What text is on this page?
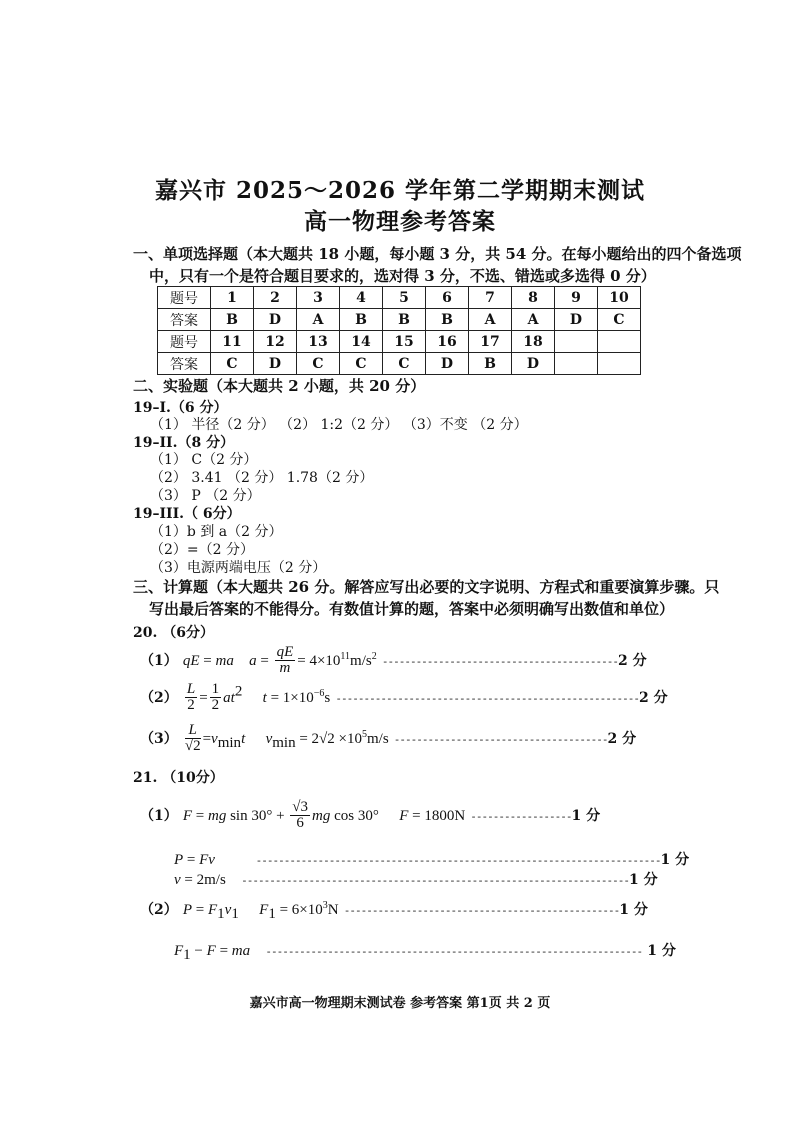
嘉兴市 2025～2026 学年第二学期期末测试
高一物理参考答案
一、单项选择题（本大题共 18 小题，每小题 3 分，共 54 分。在每小题给出的四个备选项
中，只有一个是符合题目要求的，选对得 3 分，不选、错选或多选得 0 分）
题号	1	2	3	4	5	6	7	8	9	10
答案	B	D	A	B	B	B	A	A	D	C
题号	11	12	13	14	15	16	17	18		
答案	C	D	C	C	C	D	B	D		
二、实验题（本大题共 2 小题，共 20 分）
19–I.（6 分）
（1） 半径（2 分） （2） 1:2（2 分） （3）不变 （2 分）
19–II.（8 分）
（1） C（2 分）
（2） 3.41 （2 分） 1.78（2 分）
（3） P （2 分）
19–III.（ 6分）
（1）b 到 a（2 分）
（2）=（2 分）
（3）电源两端电压（2 分）
三、计算题（本大题共 26 分。解答应写出必要的文字说明、方程式和重要演算步骤。只
写出最后答案的不能得分。有数值计算的题，答案中必须明确写出数值和单位）
20. （6分）
（1） qE = ma $a = \frac{qE}{m} = 4\times 10^{11}m/s^2$ ------------------------------------------2 分
$(2) \frac{L}{2} = \frac{1}{2} at^2$ $t = 1\times 10^{-6}s$ ------------------------------------------------------2 分
$(3) \frac{L}{√2} =v_{min}t$ $v_{min} = 2√2 \times 10^5m/s$ --------------------------------------2 分
21. （10分）
（1） F = mg $\sin 30^\circ + \frac{√3}{6}$ mg cos 30° F = 1800N ------------------1 分
P = Fv	------------------------------------------------------------------------1 分
v = 2m/s ---------------------------------------------------------------------1 分
（2） $P = F_1v_1$ $F_1 = 6\times 10^3N$ -------------------------------------------------1 分
$F_1 - F$ = ma ------------------------------------------------------------------- 1 分
嘉兴市高一物理期末测试卷 参考答案 第1页 共 2 页
